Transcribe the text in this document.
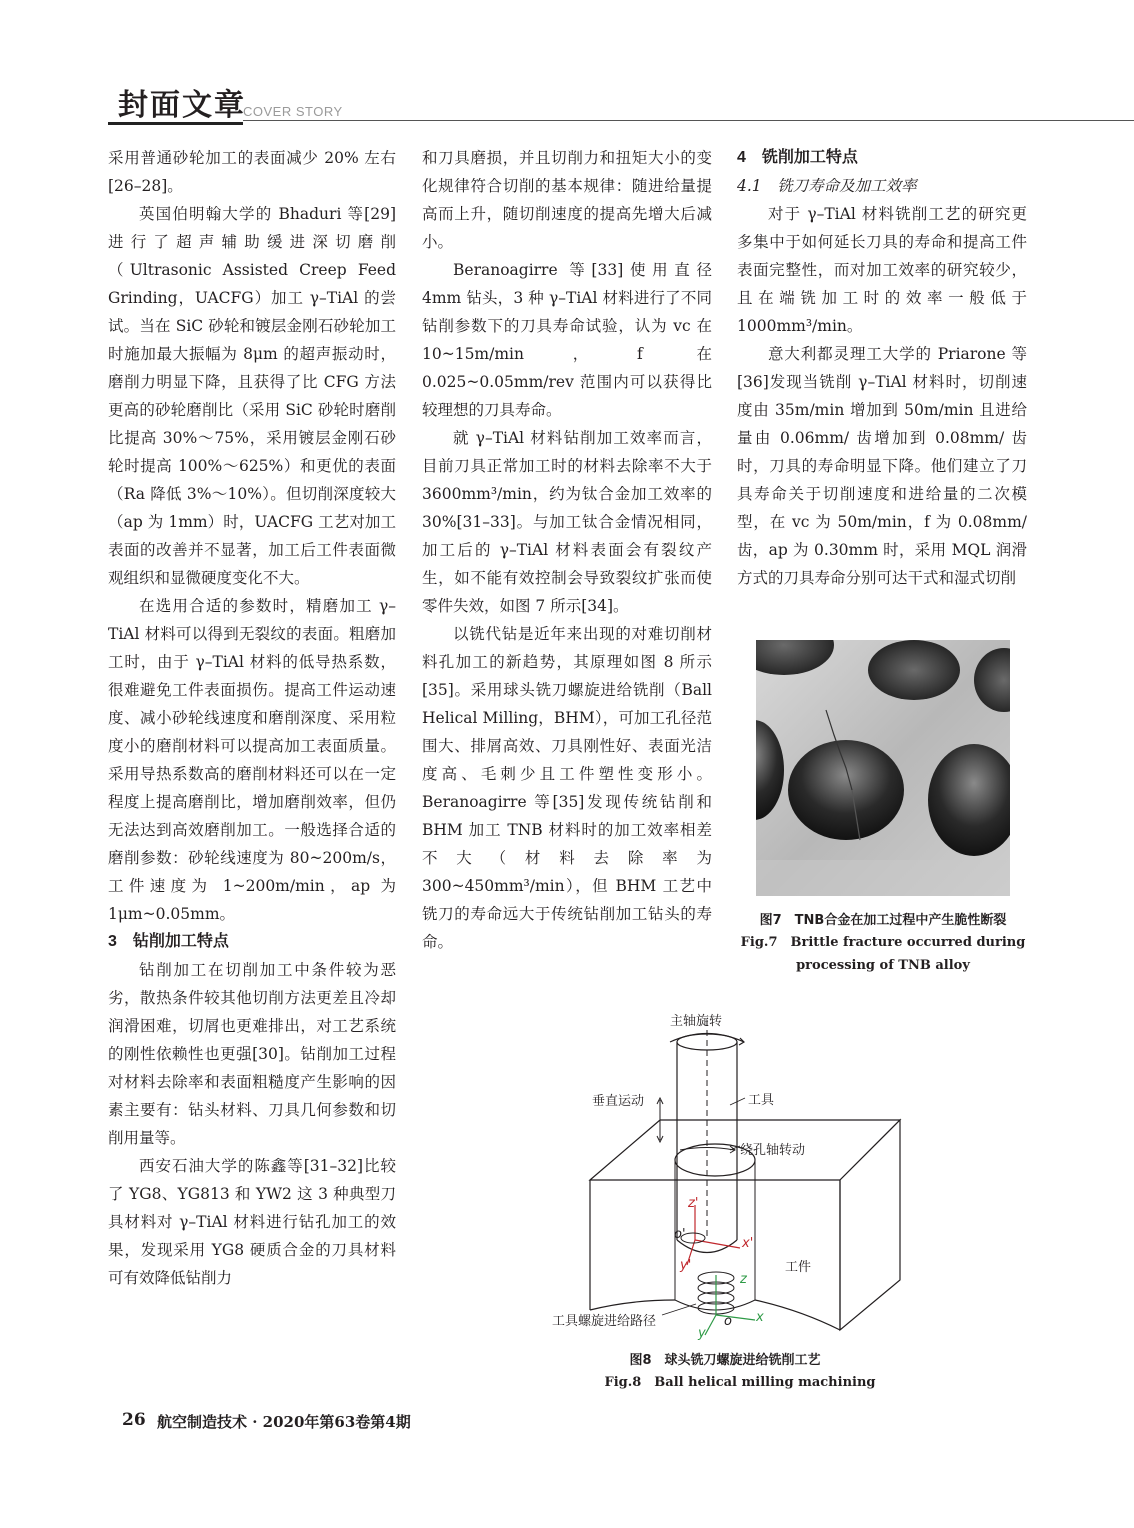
封面文章
COVER STORY

采用普通砂轮加工的表面减少 20% 左右[26–28]。

英国伯明翰大学的 Bhaduri 等[29]进行了超声辅助缓进深切磨削（Ultrasonic Assisted Creep Feed Grinding，UACFG）加工 γ–TiAl 的尝试。当在 SiC 砂轮和镀层金刚石砂轮加工时施加最大振幅为 8μm 的超声振动时，磨削力明显下降，且获得了比 CFG 方法更高的砂轮磨削比（采用 SiC 砂轮时磨削比提高 30%～75%，采用镀层金刚石砂轮时提高 100%～625%）和更优的表面（Ra 降低 3%～10%）。但切削深度较大（ap 为 1mm）时，UACFG 工艺对加工表面的改善并不显著，加工后工件表面微观组织和显微硬度变化不大。

在选用合适的参数时，精磨加工 γ–TiAl 材料可以得到无裂纹的表面。粗磨加工时，由于 γ–TiAl 材料的低导热系数，很难避免工件表面损伤。提高工件运动速度、减小砂轮线速度和磨削深度、采用粒度小的磨削材料可以提高加工表面质量。采用导热系数高的磨削材料还可以在一定程度上提高磨削比，增加磨削效率，但仍无法达到高效磨削加工。一般选择合适的磨削参数：砂轮线速度为 80~200m/s，工件速度为 1~200m/min，ap 为 1μm~0.05mm。

3　钻削加工特点

钻削加工在切削加工中条件较为恶劣，散热条件较其他切削方法更差且冷却润滑困难，切屑也更难排出，对工艺系统的刚性依赖性也更强[30]。钻削加工过程对材料去除率和表面粗糙度产生影响的因素主要有：钻头材料、刀具几何参数和切削用量等。

西安石油大学的陈鑫等[31–32]比较了 YG8、YG813 和 YW2 这 3 种典型刀具材料对 γ–TiAl 材料进行钻孔加工的效果，发现采用 YG8 硬质合金的刀具材料可有效降低钻削力

和刀具磨损，并且切削力和扭矩大小的变化规律符合切削的基本规律：随进给量提高而上升，随切削速度的提高先增大后减小。

Beranoagirre 等[33]使用直径 4mm 钻头，3 种 γ–TiAl 材料进行了不同钻削参数下的刀具寿命试验，认为 vc 在 10~15m/min，f 在 0.025~0.05mm/rev 范围内可以获得比较理想的刀具寿命。

就 γ–TiAl 材料钻削加工效率而言，目前刀具正常加工时的材料去除率不大于 3600mm³/min，约为钛合金加工效率的 30%[31–33]。与加工钛合金情况相同，加工后的 γ–TiAl 材料表面会有裂纹产生，如不能有效控制会导致裂纹扩张而使零件失效，如图 7 所示[34]。

以铣代钻是近年来出现的对难切削材料孔加工的新趋势，其原理如图 8 所示[35]。采用球头铣刀螺旋进给铣削（Ball Helical Milling，BHM），可加工孔径范围大、排屑高效、刀具刚性好、表面光洁度高、毛刺少且工件塑性变形小。Beranoagirre 等[35]发现传统钻削和 BHM 加工 TNB 材料时的加工效率相差不大（材料去除率为 300~450mm³/min），但 BHM 工艺中铣刀的寿命远大于传统钻削加工钻头的寿命。

4　铣削加工特点

4.1　铣刀寿命及加工效率

对于 γ–TiAl 材料铣削工艺的研究更多集中于如何延长刀具的寿命和提高工件表面完整性，而对加工效率的研究较少，且在端铣加工时的效率一般低于 1000mm³/min。

意大利都灵理工大学的 Priarone 等[36]发现当铣削 γ–TiAl 材料时，切削速度由 35m/min 增加到 50m/min 且进给量由 0.06mm/ 齿增加到 0.08mm/ 齿时，刀具的寿命明显下降。他们建立了刀具寿命关于切削速度和进给量的二次模型，在 vc 为 50m/min，f 为 0.08mm/ 齿，ap 为 0.30mm 时，采用 MQL 润滑方式的刀具寿命分别可达干式和湿式切削

图7　TNB合金在加工过程中产生脆性断裂
Fig.7　Brittle fracture occurred during
processing of TNB alloy
主轴旋转
垂直运动	工具
绕孔轴转动
工件
工具螺旋进给路径
z'
o'
x'
y'
z
o x
y
图8　球头铣刀螺旋进给铣削工艺
Fig.8　Ball helical milling machining
26 航空制造技术 · 2020年第63卷第4期
